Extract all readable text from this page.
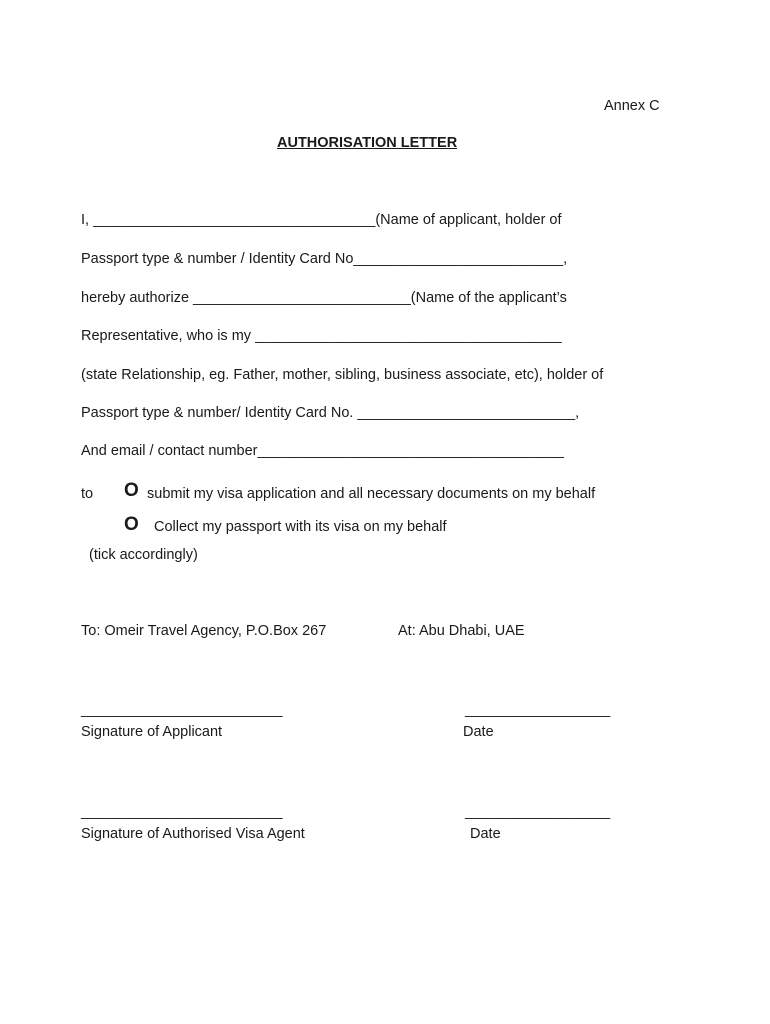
Annex C
AUTHORISATION LETTER
I, ___________________________________(Name of applicant, holder of
Passport type & number / Identity Card No__________________________,
hereby authorize ___________________________(Name of the applicant’s
Representative, who is my ______________________________________
(state Relationship, eg. Father, mother, sibling, business associate, etc), holder of
Passport type & number/ Identity Card No. ___________________________,
And email / contact number______________________________________
to O submit my visa application and all necessary documents on my behalf
O Collect my passport with its visa on my behalf
(tick accordingly)
To: Omeir Travel Agency, P.O.Box 267	At: Abu Dhabi, UAE
_________________________	__________________
Signature of Applicant	Date
_________________________	__________________
Signature of Authorised Visa Agent	Date
